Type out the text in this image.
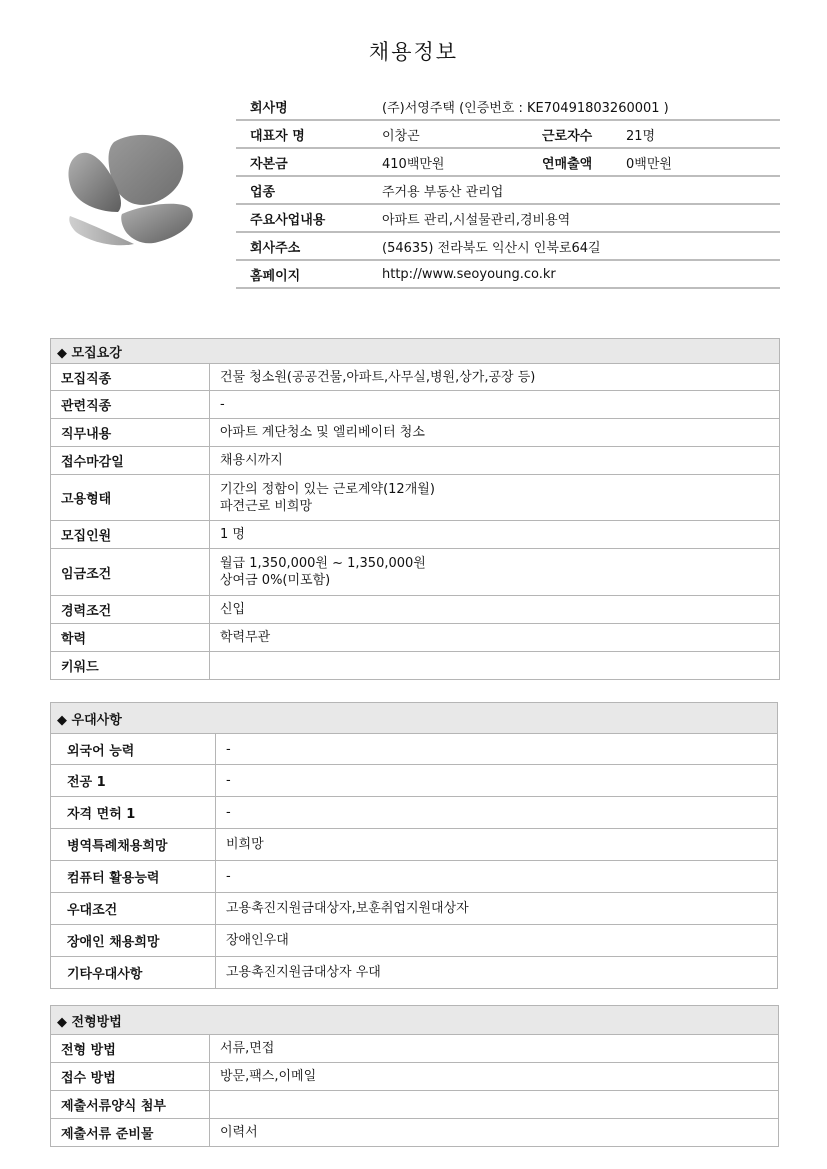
채용정보
회사명	(주)서영주택 (인증번호 : KE70491803260001 )		
대표자 명	이창곤	근로자수	21명
자본금	410백만원	연매출액	0백만원
업종	주거용 부동산 관리업		
주요사업내용	아파트 관리,시설물관리,경비용역		
회사주소	(54635) 전라북도 익산시 인북로64길		
홈페이지	http://www.seoyoung.co.kr		
◆ 모집요강	
모집직종	건물 청소원(공공건물,아파트,사무실,병원,상가,공장 등)
관련직종	-
직무내용	아파트 계단청소 및 엘리베이터 청소
접수마감일	채용시까지
고용형태	기간의 정함이 있는 근로계약(12개월)
파견근로 비희망

모집인원	1 명
임금조건	월급 1,350,000원 ~ 1,350,000원
상여금 0%(미포함)

경력조건	신입
학력	학력무관
키워드	
◆ 우대사항	
외국어 능력	-
전공 1	-
자격 면허 1	-
병역특례채용희망	비희망
컴퓨터 활용능력	-
우대조건	고용촉진지원금대상자,보훈취업지원대상자
장애인 채용희망	장애인우대
기타우대사항	고용촉진지원금대상자 우대
◆ 전형방법	
전형 방법	서류,면접
접수 방법	방문,팩스,이메일
제출서류양식 첨부	
제출서류 준비물	이력서
